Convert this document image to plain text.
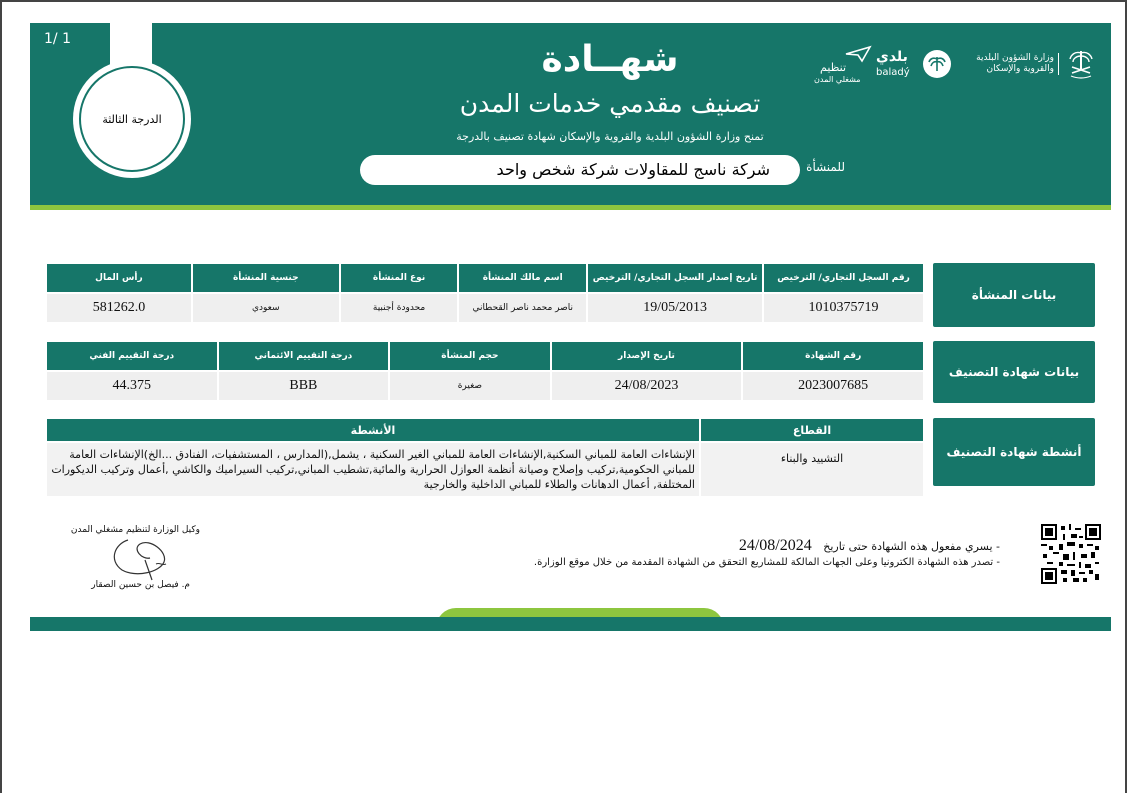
1/ 1
الدرجة الثالثة
شهــادة
تصنيف مقدمي خدمات المدن
تمنح وزارة الشؤون البلدية والقروية والإسكان شهادة تصنيف بالدرجة
للمنشأة
شركة ناسج للمقاولات شركة شخص واحد
وزارة الشؤون البلدية والقروية والإسكان
بلدي
baladý
تنظيم
مشغلي المدن
بيانات المنشأة
رقم السجل التجاري/ الترخيص	تاريخ إصدار السجل التجاري/ الترخيص	اسم مالك المنشأة	نوع المنشأة	جنسية المنشأة	رأس المال
1010375719	19/05/2013	ناصر محمد ناصر القحطاني	محدودة أجنبية	سعودي	581262.0
بيانات شهادة التصنيف
رقم الشهادة	تاريخ الإصدار	حجم المنشأة	درجة التقييم الائتماني	درجة التقييم الفني
2023007685	24/08/2023	صغيرة	BBB	44.375
أنشطة شهادة التصنيف
القطاع	الأنشطة
التشييد والبناء	الإنشاءات العامة للمباني السكنية,الإنشاءات العامة للمباني الغير السكنية ، يشمل,(المدارس ، المستشفيات، الفنادق ...الخ)الإنشاءات العامة للمباني الحكومية,تركيب وإصلاح وصيانة أنظمة العوازل الحرارية والمائية,تشطيب المباني,تركيب السيراميك والكاشي ,أعمال وتركيب الديكورات المختلفة, أعمال الدهانات والطلاء للمباني الداخلية والخارجية
- يسري مفعول هذه الشهادة حتى تاريخ 24/08/2024
- تصدر هذه الشهادة الكترونيا وعلى الجهات المالكة للمشاريع التحقق من الشهادة المقدمة من خلال موقع الوزارة.
وكيل الوزارة لتنظيم مشغلي المدن
م. فيصل بن حسين الصقار
